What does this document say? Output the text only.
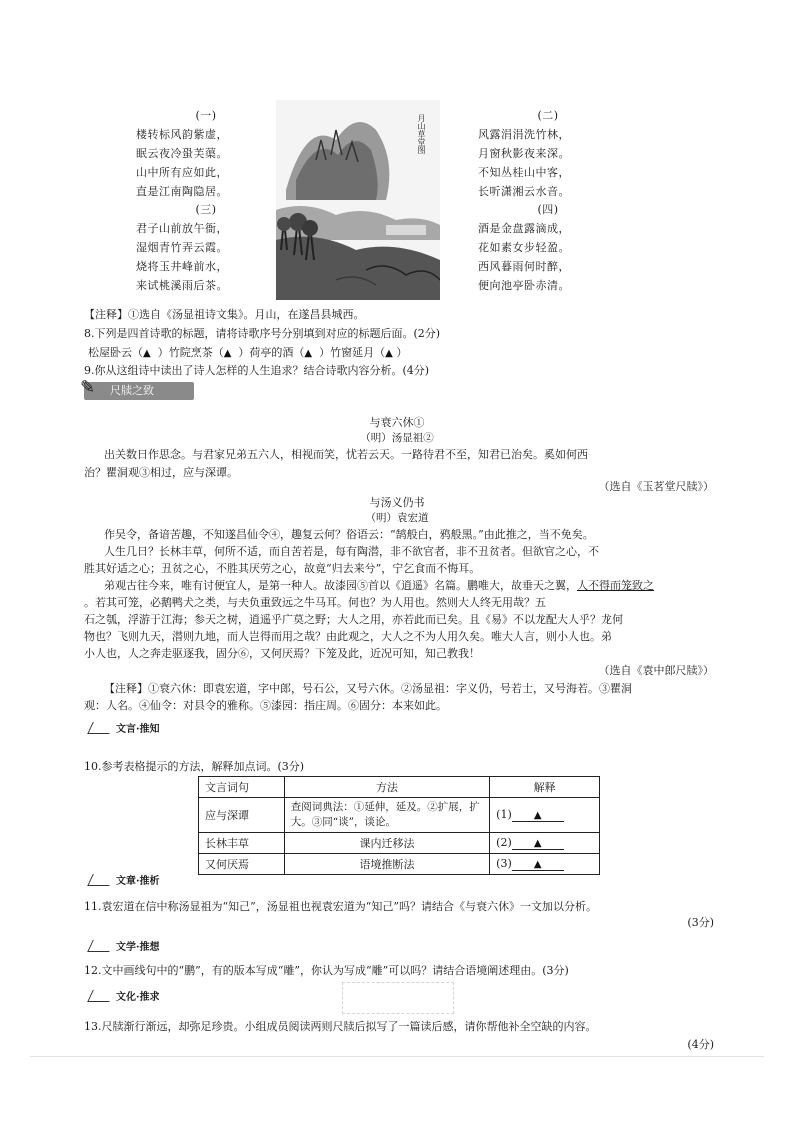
(一)
楼转标风韵紫虚，
眠云夜冷蛩芙蕖。
山中所有应如此，
直是江南陶隐居。
(二)
风露涓涓洗竹林，
月窗秋影夜来深。
不知丛桂山中客，
长听潇湘云水音。
(三)
君子山前放午衙，
湿烟青竹弄云霞。
烧将玉井峰前水，
来试桃溪雨后茶。
(四)
酒是金盘露滴成，
花如素女步轻盈。
西风暮雨何时醉，
便向池亭卧赤清。
月山草堂图
【注释】①选自《汤显祖诗文集》。月山，在遂昌县城西。
8.下列是四首诗歌的标题，请将诗歌序号分别填到对应的标题后面。(2分)
松屋卧云（▲ ）竹院烹茶（▲ ）荷亭的酒（▲ ）竹窗延月（▲ ）
9.你从这组诗中读出了诗人怎样的人生追求？结合诗歌内容分析。(4分)
✎ 尺牍之致
与衰六休①
（明）汤显祖②
出关数日作思念。与君家兄弟五六人，相视而笑，忧若云天。一路待君不至，知君已治矣。奚如何西
治？瞿洞观③相过，应与深谭。
（选自《玉茗堂尺牍》）
与汤义仍书
（明）袁宏道
作吴令，备谙苦趣，不知遂昌仙令④，趣复云何？俗语云：“鹄般白，鸦般黑。”由此推之，当不免矣。
人生几日？长林丰草，何所不适，而自苦若是，每有陶潜，非不欲官者，非不丑贫者。但欲官之心，不
胜其好适之心；丑贫之心，不胜其厌劳之心，故竟“归去来兮”，宁乞食而不悔耳。
弟观古往今来，唯有讨便宜人，是第一种人。故漆园⑤首以《逍遥》名篇。鹏唯大，故垂天之翼，人不得而笼致之
。若其可笼，必鹅鸭犬之类，与夫负重致远之牛马耳。何也？为人用也。然则大人终无用哉？五
石之瓠，浮游于江海；参天之树，逍遥乎广莫之野；大人之用，亦若此而已矣。且《易》不以龙配大人乎？龙何
物也？飞则九天，潜则九地，而人岂得而用之哉？由此观之，大人之不为人用久矣。唯大人言，则小人也。弟
小人也，人之奔走驱逐我，固分⑥，又何厌焉？下笼及此，近况可知，知己教我！
（选自《袁中郎尺牍》）
【注释】①衰六休：即袁宏道，字中郎，号石公，又号六休。②汤显祖：字义仍，号若士，又号海若。③瞿洞
观：人名。④仙令：对县令的雅称。⑤漆园：指庄周。⑥固分：本来如此。
文言·推知
10.参考表格提示的方法，解释加点词。(3分)
文言词句	方法	解释
应与深谭	查阅词典法：①延伸，延及。②扩展，扩大。③同“谈”，谈论。	(1) ▲
长林丰草	课内迁移法	(2) ▲
又何厌焉	语境推断法	(3) ▲
文章·推析
11.袁宏道在信中称汤显祖为“知己”，汤显祖也视袁宏道为“知己”吗？请结合《与衰六休》一文加以分析。
(3分)
文学·推想
12.文中画线句中的“鹏”，有的版本写成“雕”，你认为写成“雕”可以吗？请结合语境阐述理由。(3分)
文化·推求
13.尺牍渐行渐远，却弥足珍贵。小组成员阅读两则尺牍后拟写了一篇读后感，请你帮他补全空缺的内容。
(4分)
